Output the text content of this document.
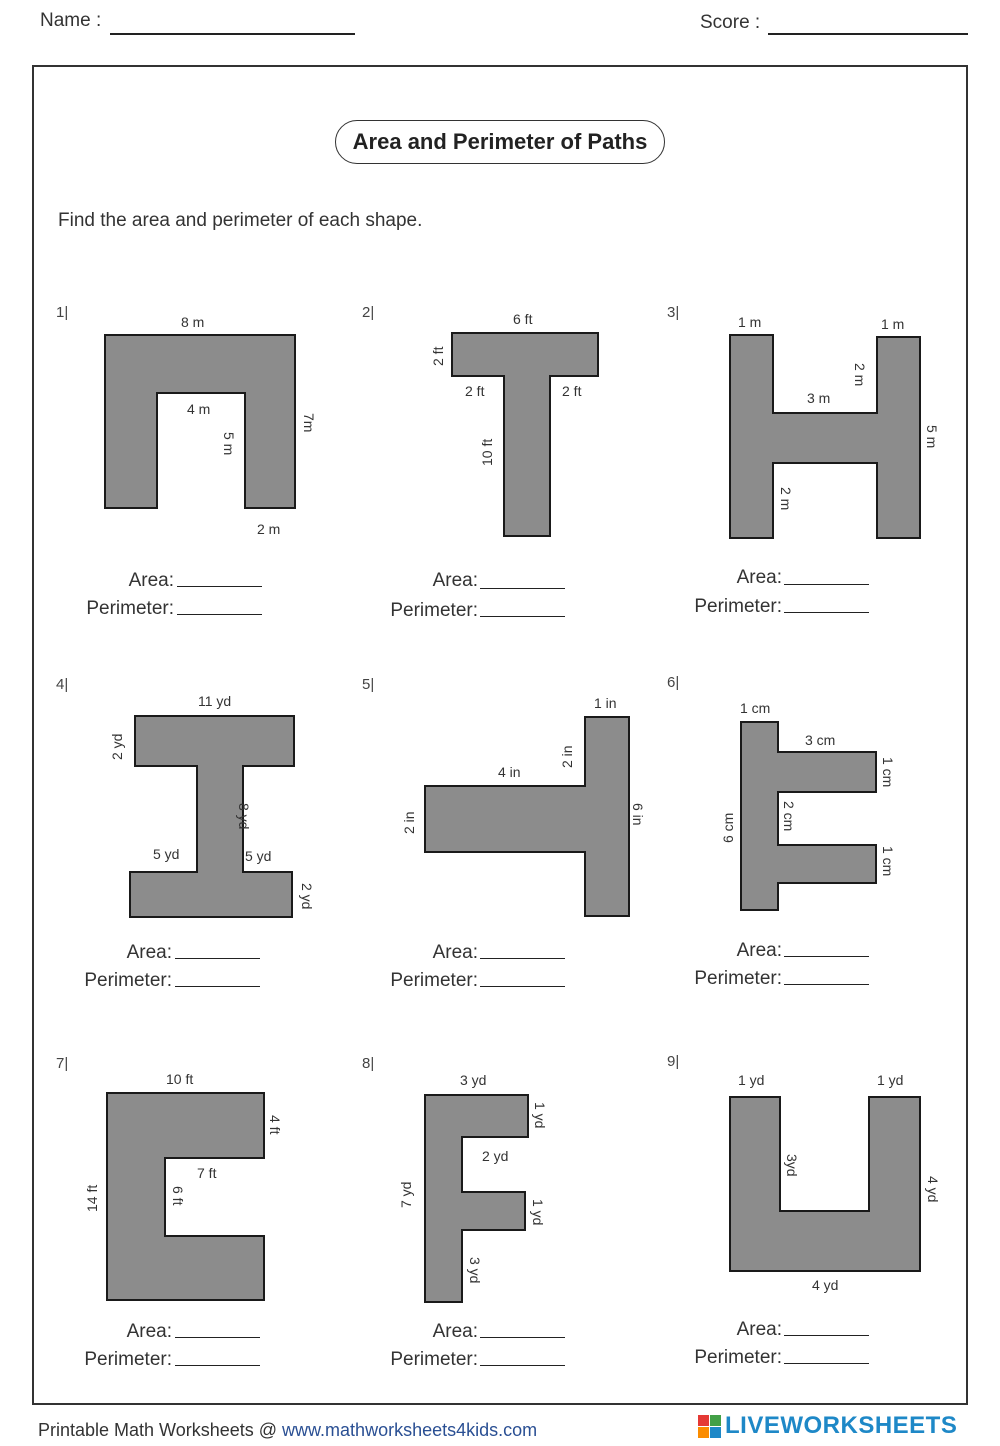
Name :	Score :
Area and Perimeter of Paths
Find the area and perimeter of each shape.
8 m
4 m
5 m
7m
2 m
6 ft
2 ft
2 ft	2 ft
10 ft
1 m	1 m
2 m
3 m
5 m
2 m
11 yd
2 yd
8 yd
5 yd	5 yd
2 yd
1 in
2 in
4 in
2 in	6 in
1 cm
3 cm
1 cm
6 cm	2 cm
1 cm
10 ft
4 ft
7 ft
6 ft
14 ft
3 yd
1 yd
2 yd
7 yd
1 yd
3 yd
1 yd	1 yd
3yd
4 yd
4 yd
1|	2|	3|
4|	5|	6|
7|	8|	9|
Area:
Perimeter:
Area:
Perimeter:
Area:
Perimeter:
Area:
Perimeter:
Area:
Perimeter:
Area:
Perimeter:
Area:
Perimeter:
Area:
Perimeter:
Area:
Perimeter:
Printable Math Worksheets @ www.mathworksheets4kids.com	LIVEWORKSHEETS
